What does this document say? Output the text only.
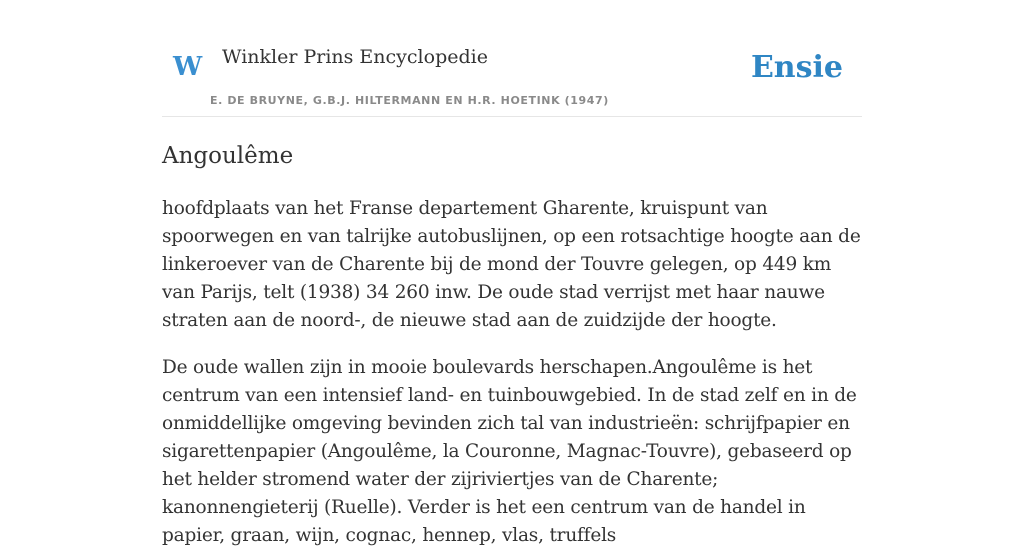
W Winkler Prins Encyclopedie
E. DE BRUYNE, G.B.J. HILTERMANN EN H.R. HOETINK (1947)
Ensie
Angoulême

hoofdplaats van het Franse departement Gharente, kruispunt van spoorwegen en van talrijke autobuslijnen, op een rotsachtige hoogte aan de linkeroever van de Charente bij de mond der Touvre gelegen, op 449 km van Parijs, telt (1938) 34 260 inw. De oude stad verrijst met haar nauwe straten aan de noord-, de nieuwe stad aan de zuidzijde der hoogte.

De oude wallen zijn in mooie boulevards herschapen.Angoulême is het centrum van een intensief land- en tuinbouwgebied. In de stad zelf en in de onmiddellijke omgeving bevinden zich tal van industrieën: schrijfpapier en sigarettenpapier (Angoulême, la Couronne, Magnac-Touvre), gebaseerd op het helder stromend water der zijriviertjes van de Charente; kanonnengieterij (Ruelle). Verder is het een centrum van de handel in papier, graan, wijn, cognac, hennep, vlas, truffels
